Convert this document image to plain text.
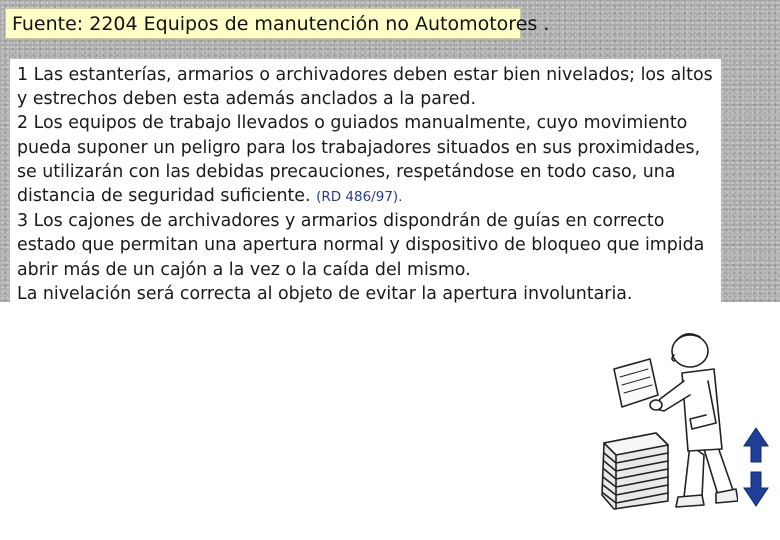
Fuente: 2204 Equipos de manutención no Automotores .

1 Las estanterías, armarios o archivadores deben estar bien nivelados; los altos y estrechos deben esta además anclados a la pared.

2 Los equipos de trabajo llevados o guiados manualmente, cuyo movimiento pueda suponer un peligro para los trabajadores situados en sus proximidades, se utilizarán con las debidas precauciones, respetándose en todo caso, una distancia de seguridad suficiente. (RD 486/97).

3 Los cajones de archivadores y armarios dispondrán de guías en correcto estado que permitan una apertura normal y dispositivo de bloqueo que impida abrir más de un cajón a la vez o la caída del mismo.

La nivelación será correcta al objeto de evitar la apertura involuntaria.
